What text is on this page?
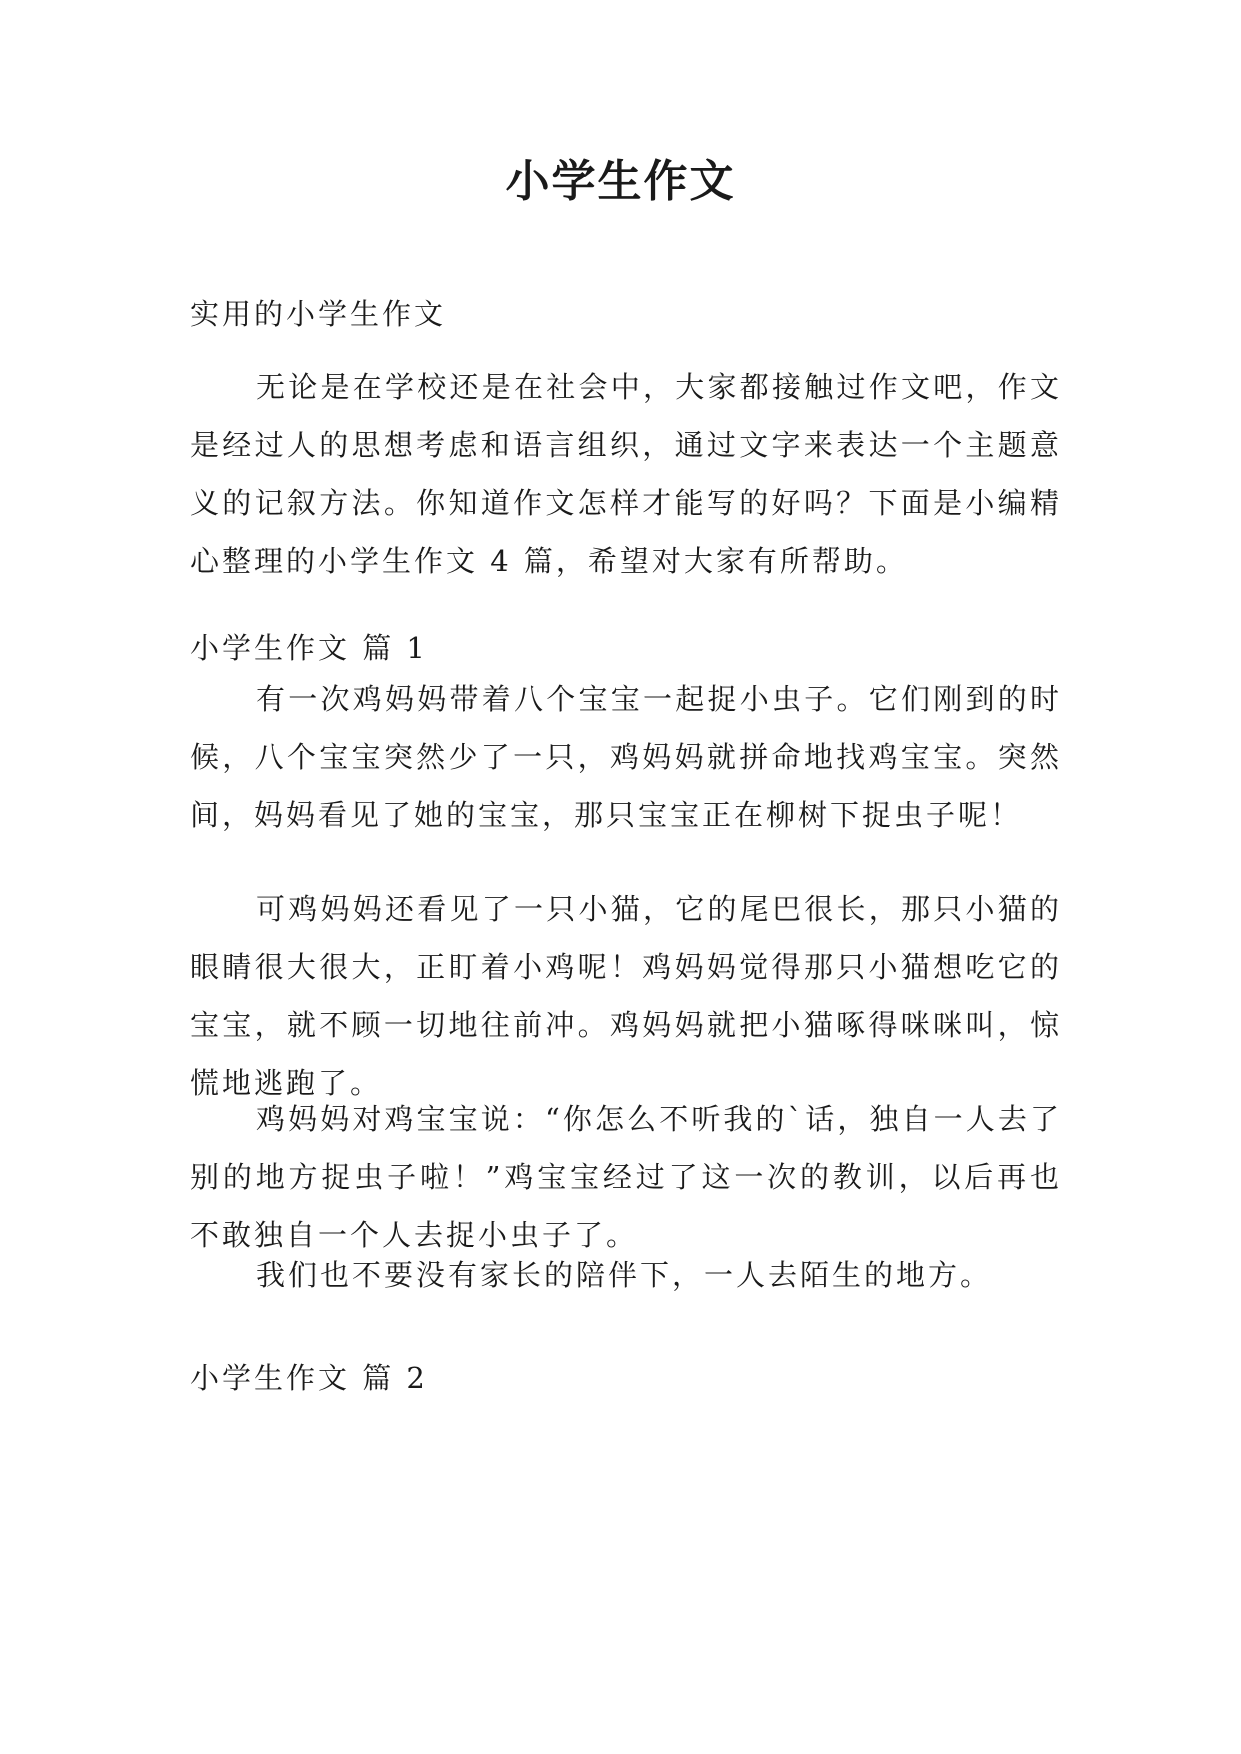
小学生作文

实用的小学生作文

无论是在学校还是在社会中，大家都接触过作文吧，作文是经过人的思想考虑和语言组织，通过文字来表达一个主题意义的记叙方法。你知道作文怎样才能写的好吗？下面是小编精心整理的小学生作文 4 篇，希望对大家有所帮助。

小学生作文 篇 1

有一次鸡妈妈带着八个宝宝一起捉小虫子。它们刚到的时候，八个宝宝突然少了一只，鸡妈妈就拼命地找鸡宝宝。突然间，妈妈看见了她的宝宝，那只宝宝正在柳树下捉虫子呢！

可鸡妈妈还看见了一只小猫，它的尾巴很长，那只小猫的眼睛很大很大，正盯着小鸡呢！鸡妈妈觉得那只小猫想吃它的宝宝，就不顾一切地往前冲。鸡妈妈就把小猫啄得咪咪叫，惊慌地逃跑了。

鸡妈妈对鸡宝宝说：“你怎么不听我的`话，独自一人去了别的地方捉虫子啦！”鸡宝宝经过了这一次的教训，以后再也不敢独自一个人去捉小虫子了。

我们也不要没有家长的陪伴下，一人去陌生的地方。

小学生作文 篇 2
